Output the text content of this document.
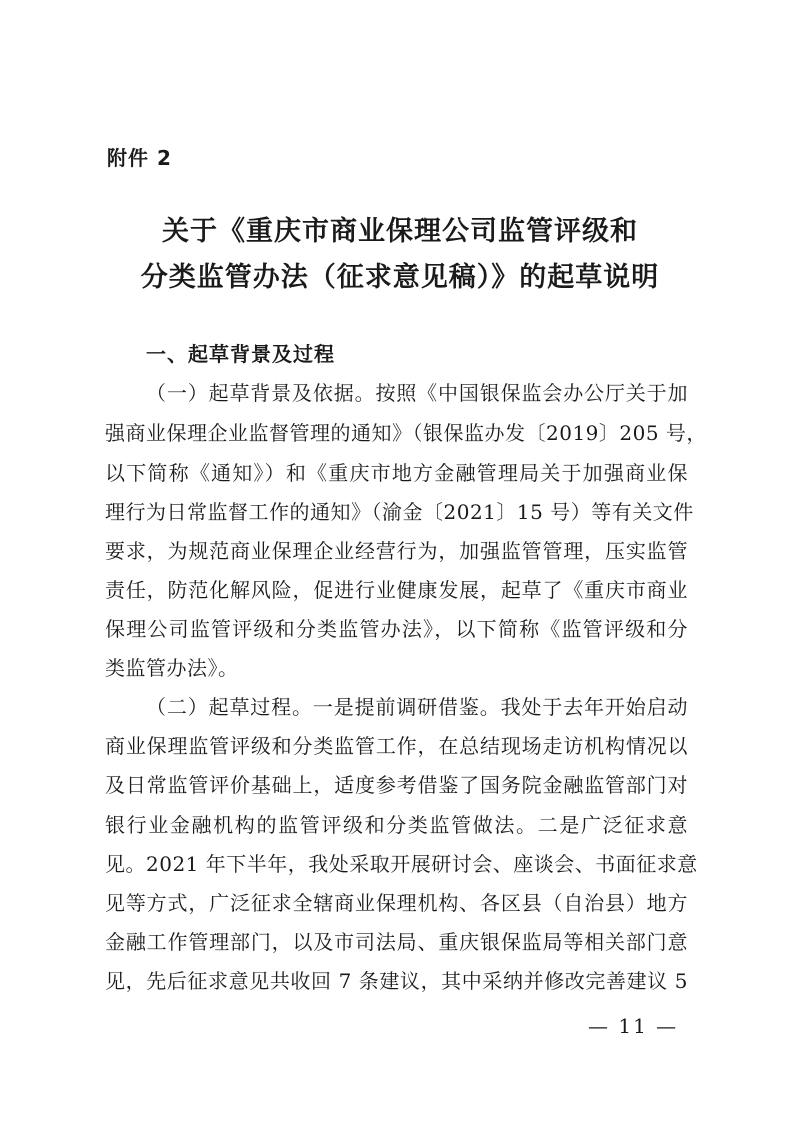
附件 2
关于《重庆市商业保理公司监管评级和
分类监管办法（征求意见稿）》的起草说明
一、起草背景及过程
（一）起草背景及依据。按照《中国银保监会办公厅关于加
强商业保理企业监督管理的通知》（银保监办发〔2019〕205 号，
以下简称《通知》）和《重庆市地方金融管理局关于加强商业保
理行为日常监督工作的通知》（渝金〔2021〕15 号）等有关文件
要求，为规范商业保理企业经营行为，加强监管管理，压实监管
责任，防范化解风险，促进行业健康发展，起草了《重庆市商业
保理公司监管评级和分类监管办法》，以下简称《监管评级和分
类监管办法》。
（二）起草过程。一是提前调研借鉴。我处于去年开始启动
商业保理监管评级和分类监管工作，在总结现场走访机构情况以
及日常监管评价基础上，适度参考借鉴了国务院金融监管部门对
银行业金融机构的监管评级和分类监管做法。二是广泛征求意
见。2021 年下半年，我处采取开展研讨会、座谈会、书面征求意
见等方式，广泛征求全辖商业保理机构、各区县（自治县）地方
金融工作管理部门，以及市司法局、重庆银保监局等相关部门意
见，先后征求意见共收回 7 条建议，其中采纳并修改完善建议 5
— 11 —
